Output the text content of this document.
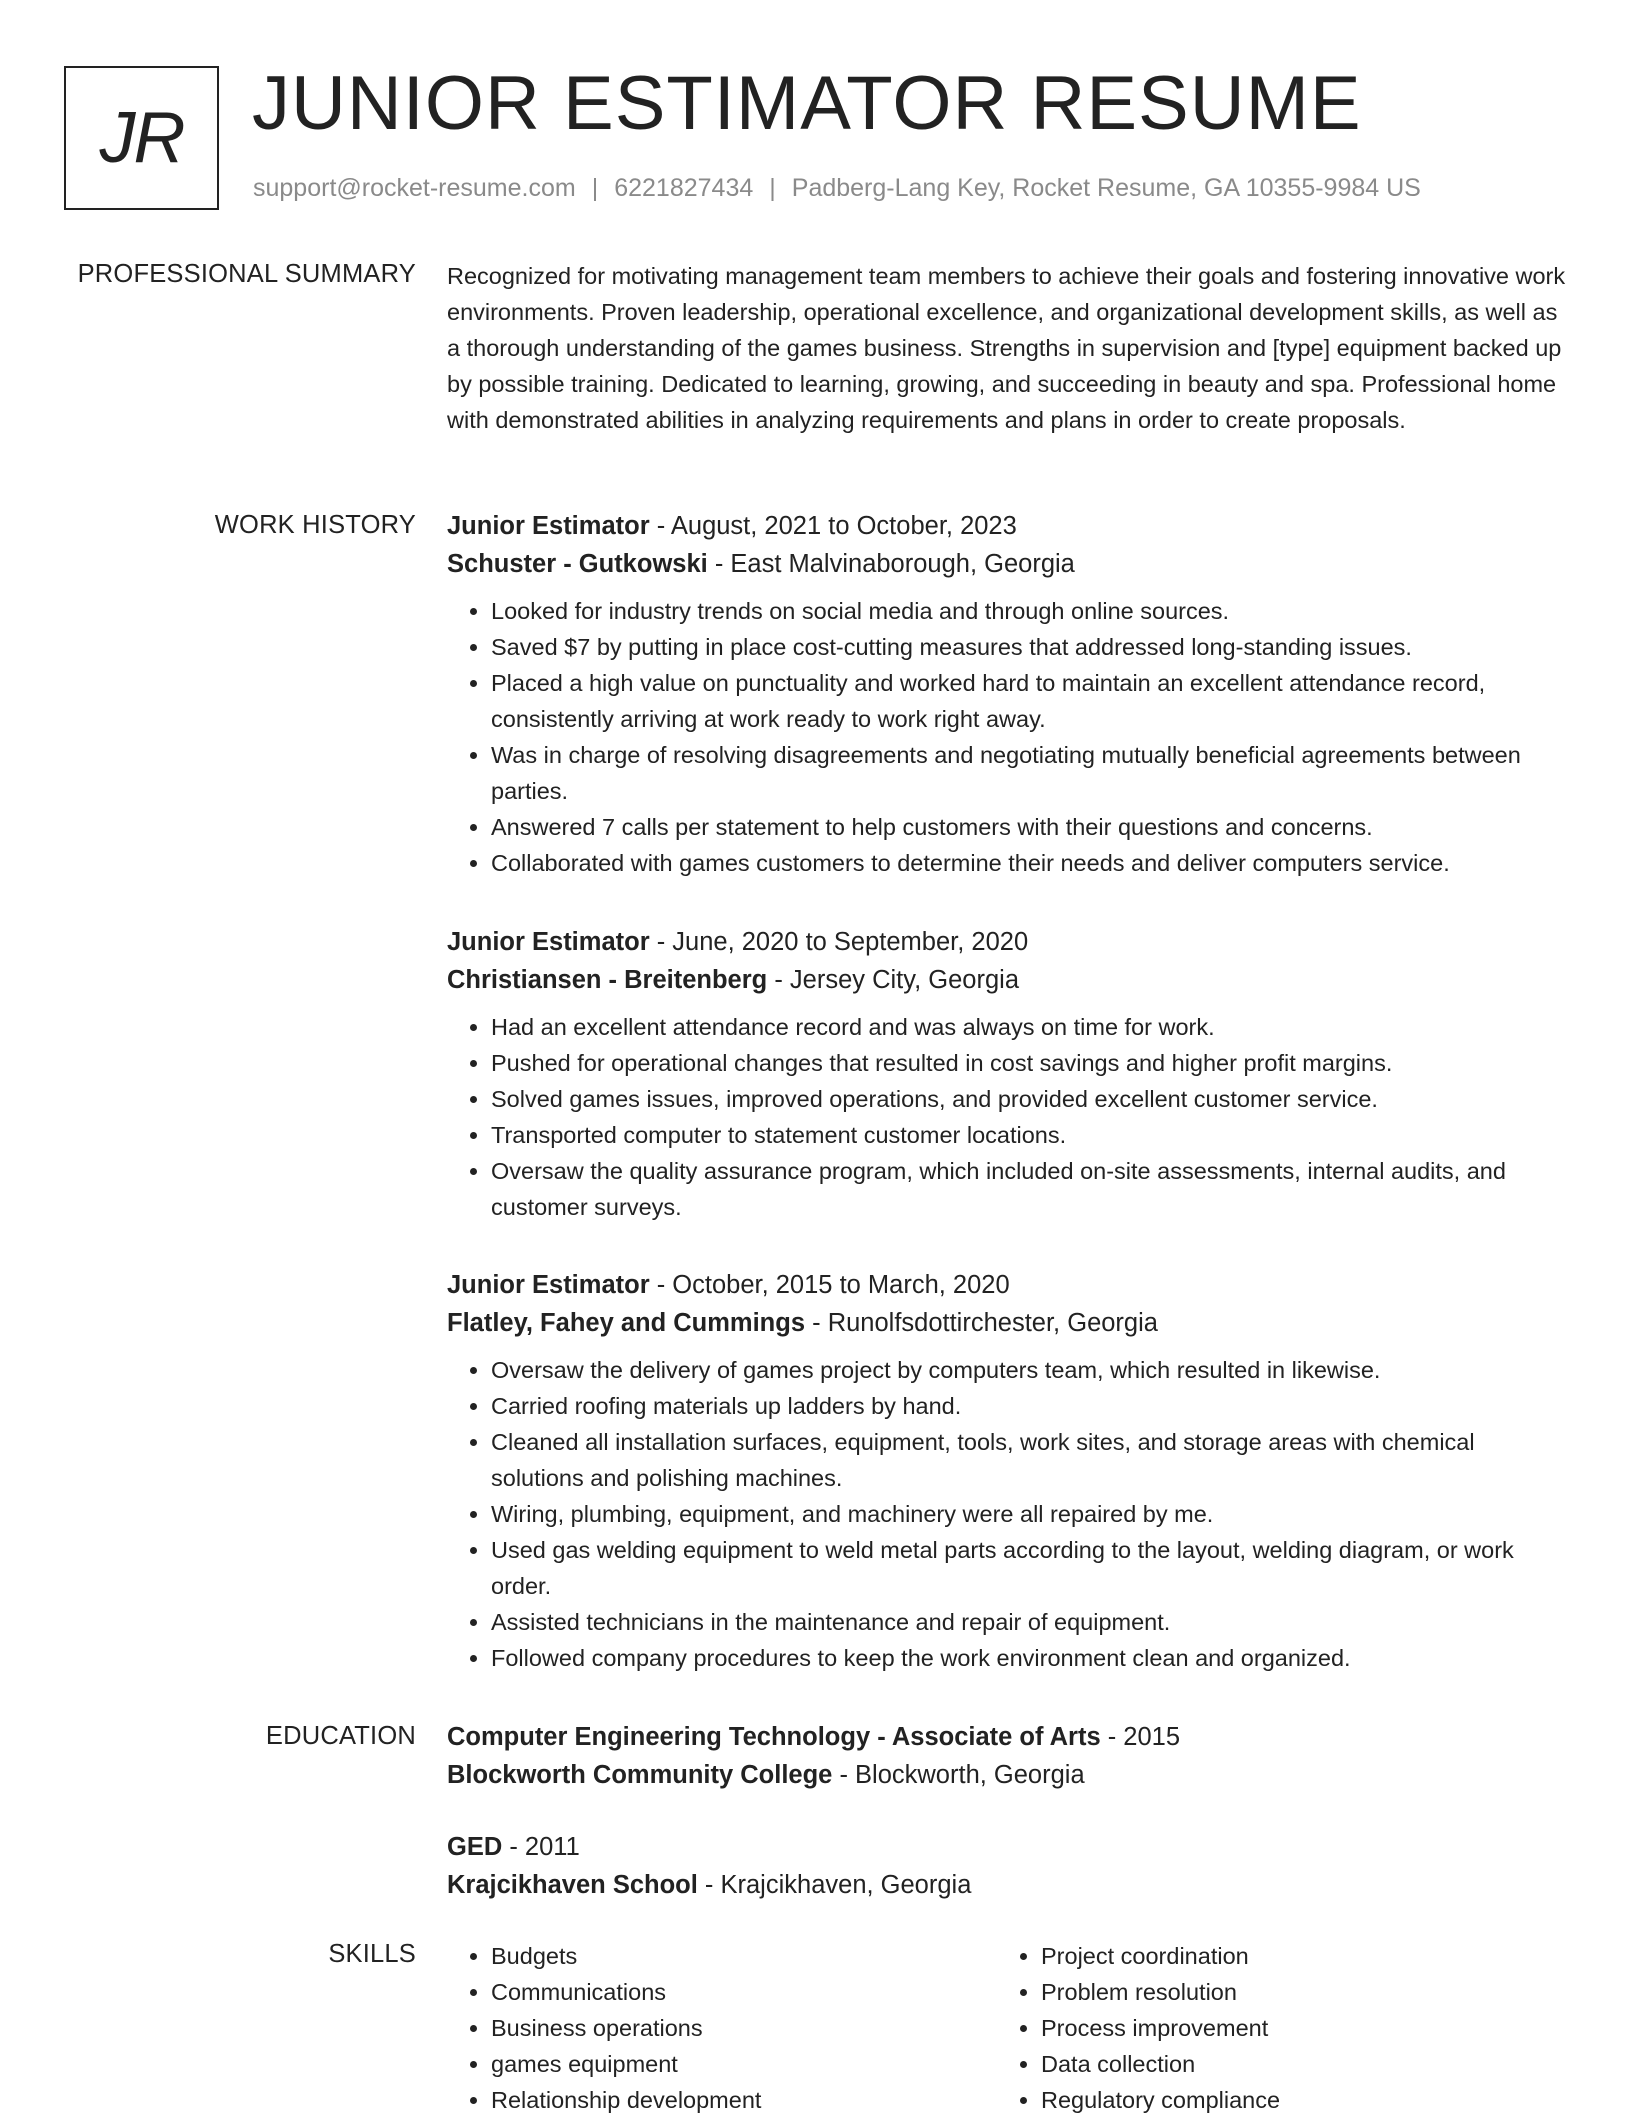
JR JUNIOR ESTIMATOR RESUME
support@rocket-resume.com | 6221827434 | Padberg-Lang Key, Rocket Resume, GA 10355-9984 US
PROFESSIONAL SUMMARY Recognized for motivating management team members to achieve their goals and fostering innovative work environments. Proven leadership, operational excellence, and organizational development skills, as well as a thorough understanding of the games business. Strengths in supervision and [type] equipment backed up by possible training. Dedicated to learning, growing, and succeeding in beauty and spa. Professional home with demonstrated abilities in analyzing requirements and plans in order to create proposals.

WORK HISTORY Junior Estimator - August, 2021 to October, 2023
Schuster - Gutkowski - East Malvinaborough, Georgia
• Looked for industry trends on social media and through online sources.
• Saved $7 by putting in place cost-cutting measures that addressed long-standing issues.
• Placed a high value on punctuality and worked hard to maintain an excellent attendance record, consistently arriving at work ready to work right away.
• Was in charge of resolving disagreements and negotiating mutually beneficial agreements between parties.
• Answered 7 calls per statement to help customers with their questions and concerns.
• Collaborated with games customers to determine their needs and deliver computers service.
Junior Estimator - June, 2020 to September, 2020
Christiansen - Breitenberg - Jersey City, Georgia
• Had an excellent attendance record and was always on time for work.
• Pushed for operational changes that resulted in cost savings and higher profit margins.
• Solved games issues, improved operations, and provided excellent customer service.
• Transported computer to statement customer locations.
• Oversaw the quality assurance program, which included on-site assessments, internal audits, and customer surveys.
Junior Estimator - October, 2015 to March, 2020
Flatley, Fahey and Cummings - Runolfsdottirchester, Georgia
• Oversaw the delivery of games project by computers team, which resulted in likewise.
• Carried roofing materials up ladders by hand.
• Cleaned all installation surfaces, equipment, tools, work sites, and storage areas with chemical solutions and polishing machines.
• Wiring, plumbing, equipment, and machinery were all repaired by me.
• Used gas welding equipment to weld metal parts according to the layout, welding diagram, or work order.
• Assisted technicians in the maintenance and repair of equipment.
• Followed company procedures to keep the work environment clean and organized.
EDUCATION Computer Engineering Technology - Associate of Arts - 2015
Blockworth Community College - Blockworth, Georgia
GED - 2011
Krajcikhaven School - Krajcikhaven, Georgia
SKILLS
•	Budgets
• Communications
• Business operations
• games equipment
• Relationship development
• Project coordination
• Problem resolution
• Process improvement
• Data collection
• Regulatory compliance
